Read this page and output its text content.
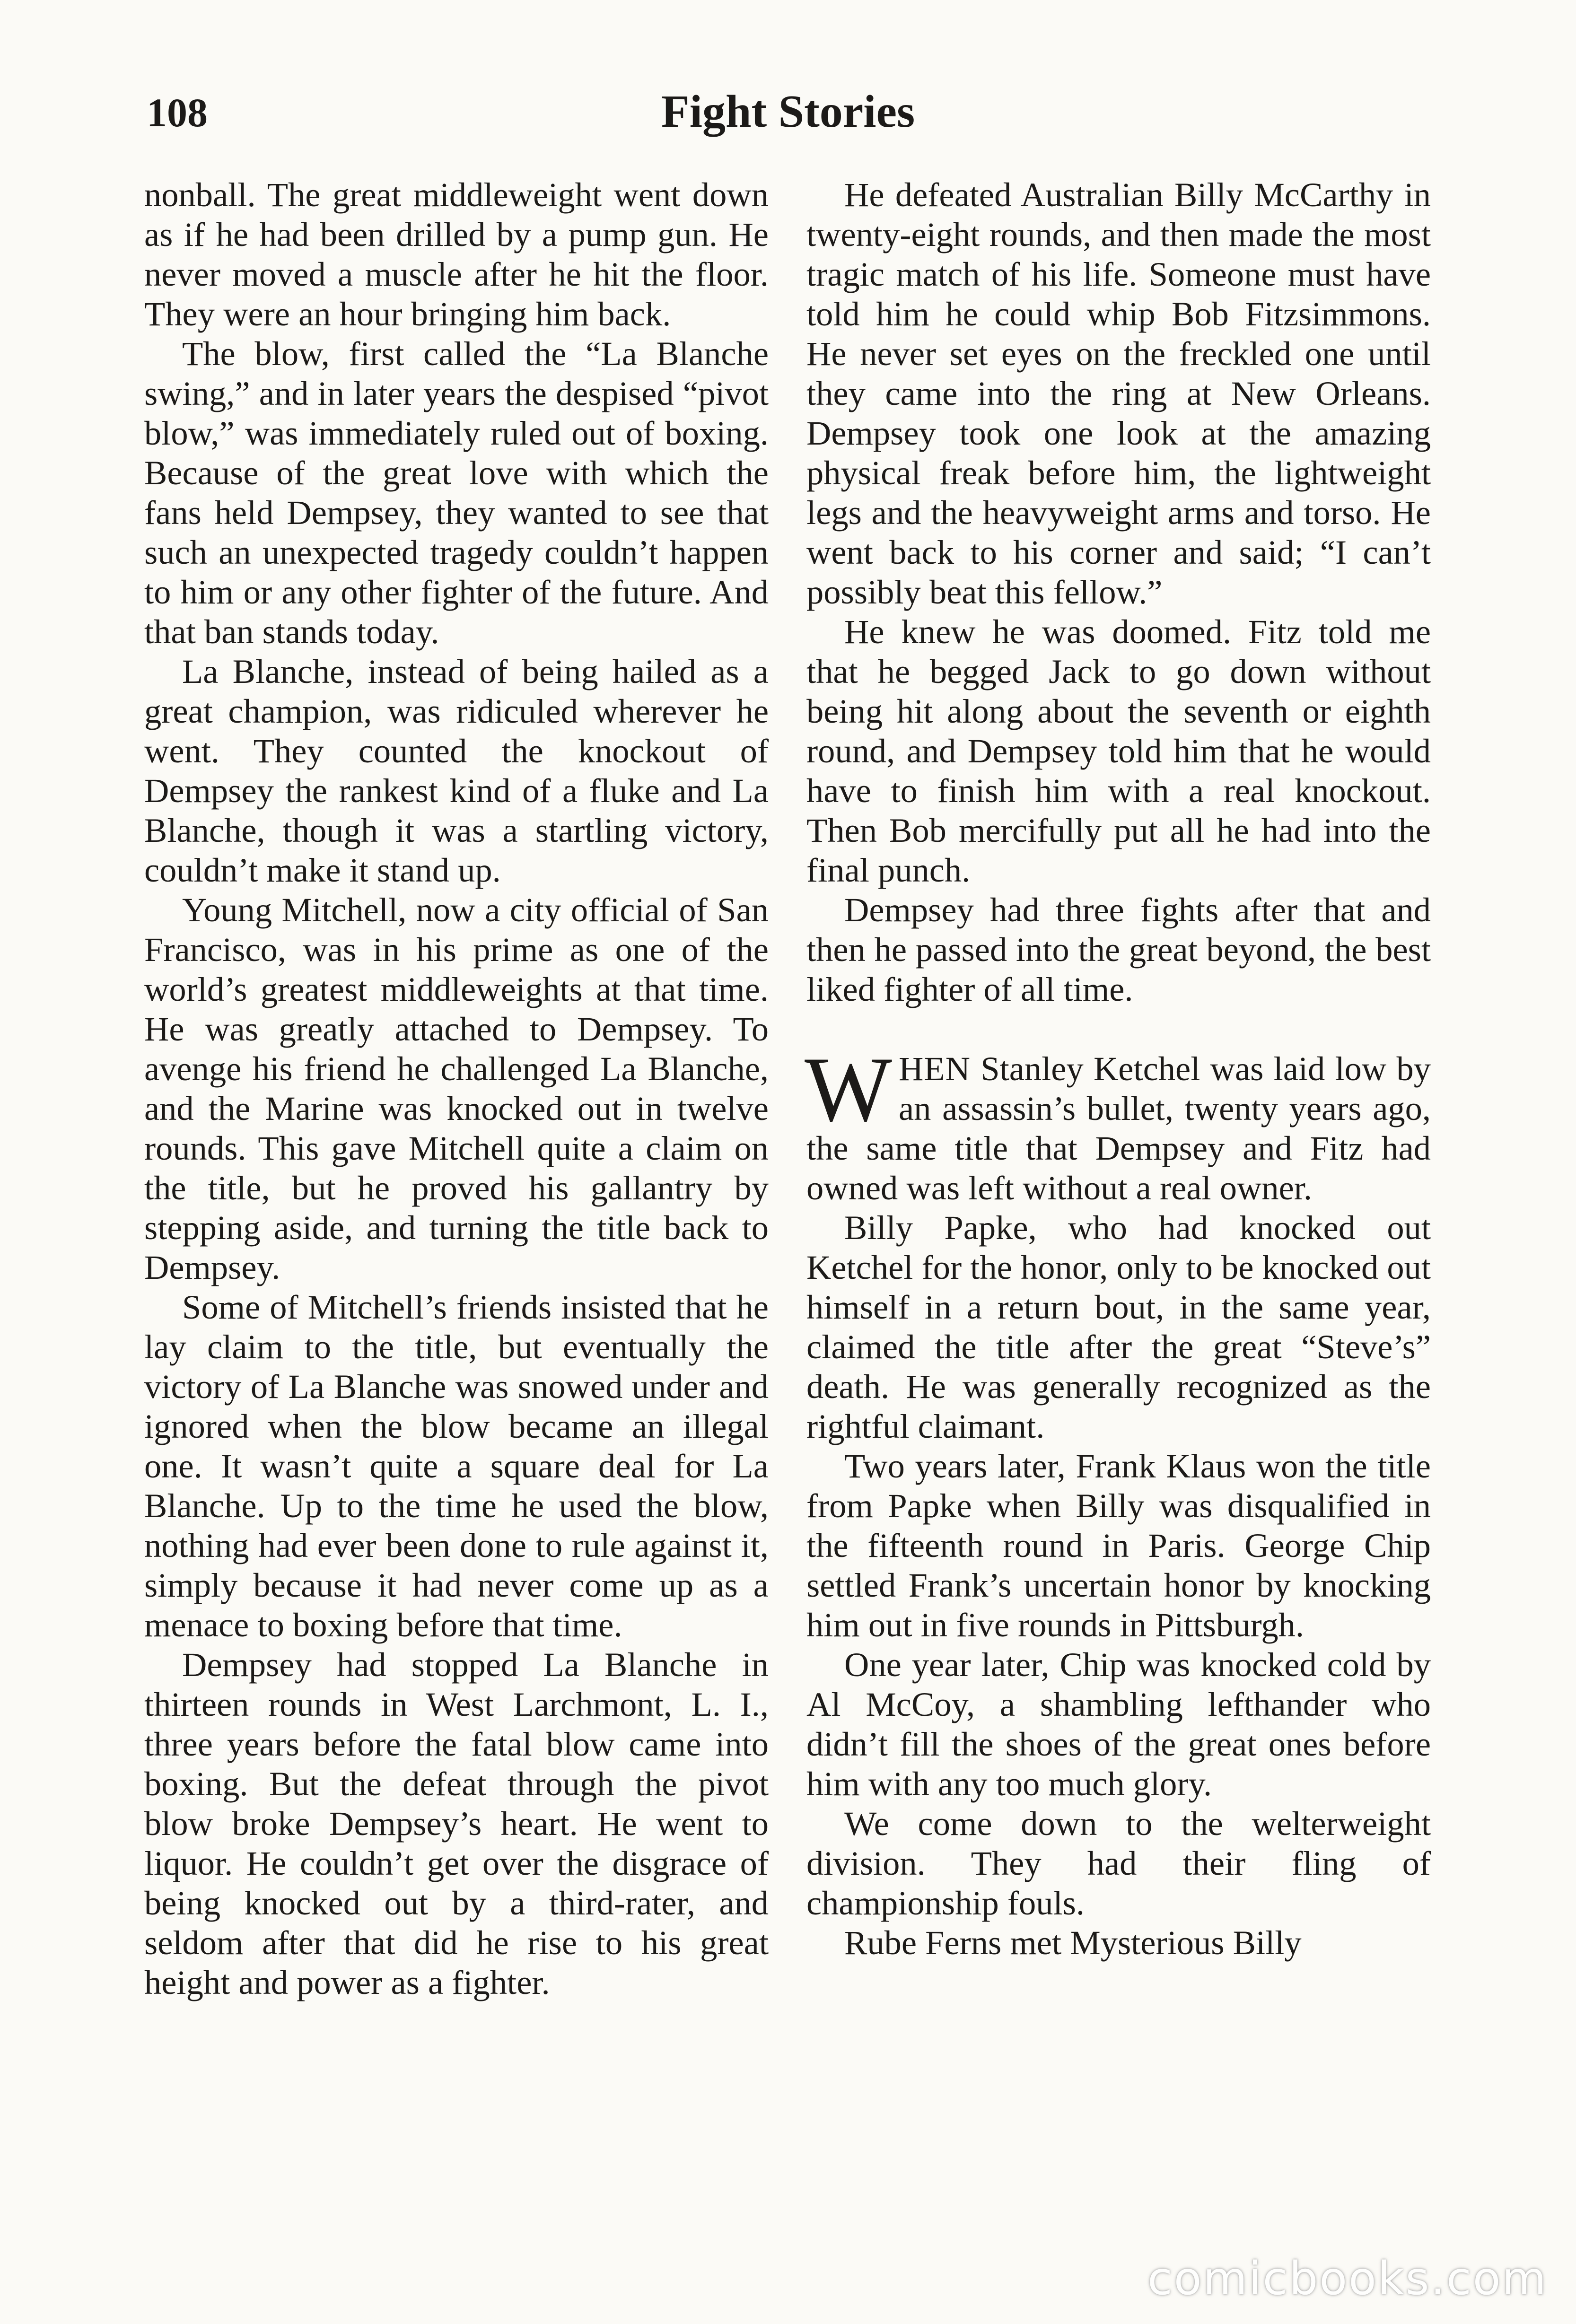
108	Fight Stories

nonball. The great middleweight went down as if he had been drilled by a pump gun. He never moved a muscle after he hit the floor. They were an hour bringing him back.

The blow, first called the “La Blanche swing,” and in later years the despised “pivot blow,” was immediately ruled out of boxing. Because of the great love with which the fans held Dempsey, they wanted to see that such an unexpected tragedy couldn’t happen to him or any other fighter of the future. And that ban stands today.

La Blanche, instead of being hailed as a great champion, was ridiculed wherever he went. They counted the knockout of Dempsey the rankest kind of a fluke and La Blanche, though it was a startling victory, couldn’t make it stand up.

Young Mitchell, now a city official of San Francisco, was in his prime as one of the world’s greatest middleweights at that time. He was greatly attached to Dempsey. To avenge his friend he challenged La Blanche, and the Marine was knocked out in twelve rounds. This gave Mitchell quite a claim on the title, but he proved his gallantry by stepping aside, and turning the title back to Dempsey.

Some of Mitchell’s friends insisted that he lay claim to the title, but eventually the victory of La Blanche was snowed under and ignored when the blow became an illegal one. It wasn’t quite a square deal for La Blanche. Up to the time he used the blow, nothing had ever been done to rule against it, simply because it had never come up as a menace to boxing before that time.

Dempsey had stopped La Blanche in thirteen rounds in West Larchmont, L. I., three years before the fatal blow came into boxing. But the defeat through the pivot blow broke Dempsey’s heart. He went to liquor. He couldn’t get over the disgrace of being knocked out by a third-rater, and seldom after that did he rise to his great height and power as a fighter.

He defeated Australian Billy McCarthy in twenty-eight rounds, and then made the most tragic match of his life. Someone must have told him he could whip Bob Fitzsimmons. He never set eyes on the freckled one until they came into the ring at New Orleans. Dempsey took one look at the amazing physical freak before him, the lightweight legs and the heavyweight arms and torso. He went back to his corner and said; “I can’t possibly beat this fellow.”

He knew he was doomed. Fitz told me that he begged Jack to go down without being hit along about the seventh or eighth round, and Dempsey told him that he would have to finish him with a real knockout. Then Bob mercifully put all he had into the final punch.

Dempsey had three fights after that and then he passed into the great beyond, the best liked fighter of all time.

WHEN Stanley Ketchel was laid low by an assassin’s bullet, twenty years ago, the same title that Dempsey and Fitz had owned was left without a real owner.

Billy Papke, who had knocked out Ketchel for the honor, only to be knocked out himself in a return bout, in the same year, claimed the title after the great “Steve’s” death. He was generally recognized as the rightful claimant.

Two years later, Frank Klaus won the title from Papke when Billy was disqualified in the fifteenth round in Paris. George Chip settled Frank’s uncertain honor by knocking him out in five rounds in Pittsburgh.

One year later, Chip was knocked cold by Al McCoy, a shambling lefthander who didn’t fill the shoes of the great ones before him with any too much glory.

We come down to the welterweight division. They had their fling of championship fouls.

Rube Ferns met Mysterious Billy

comicbooks.com
